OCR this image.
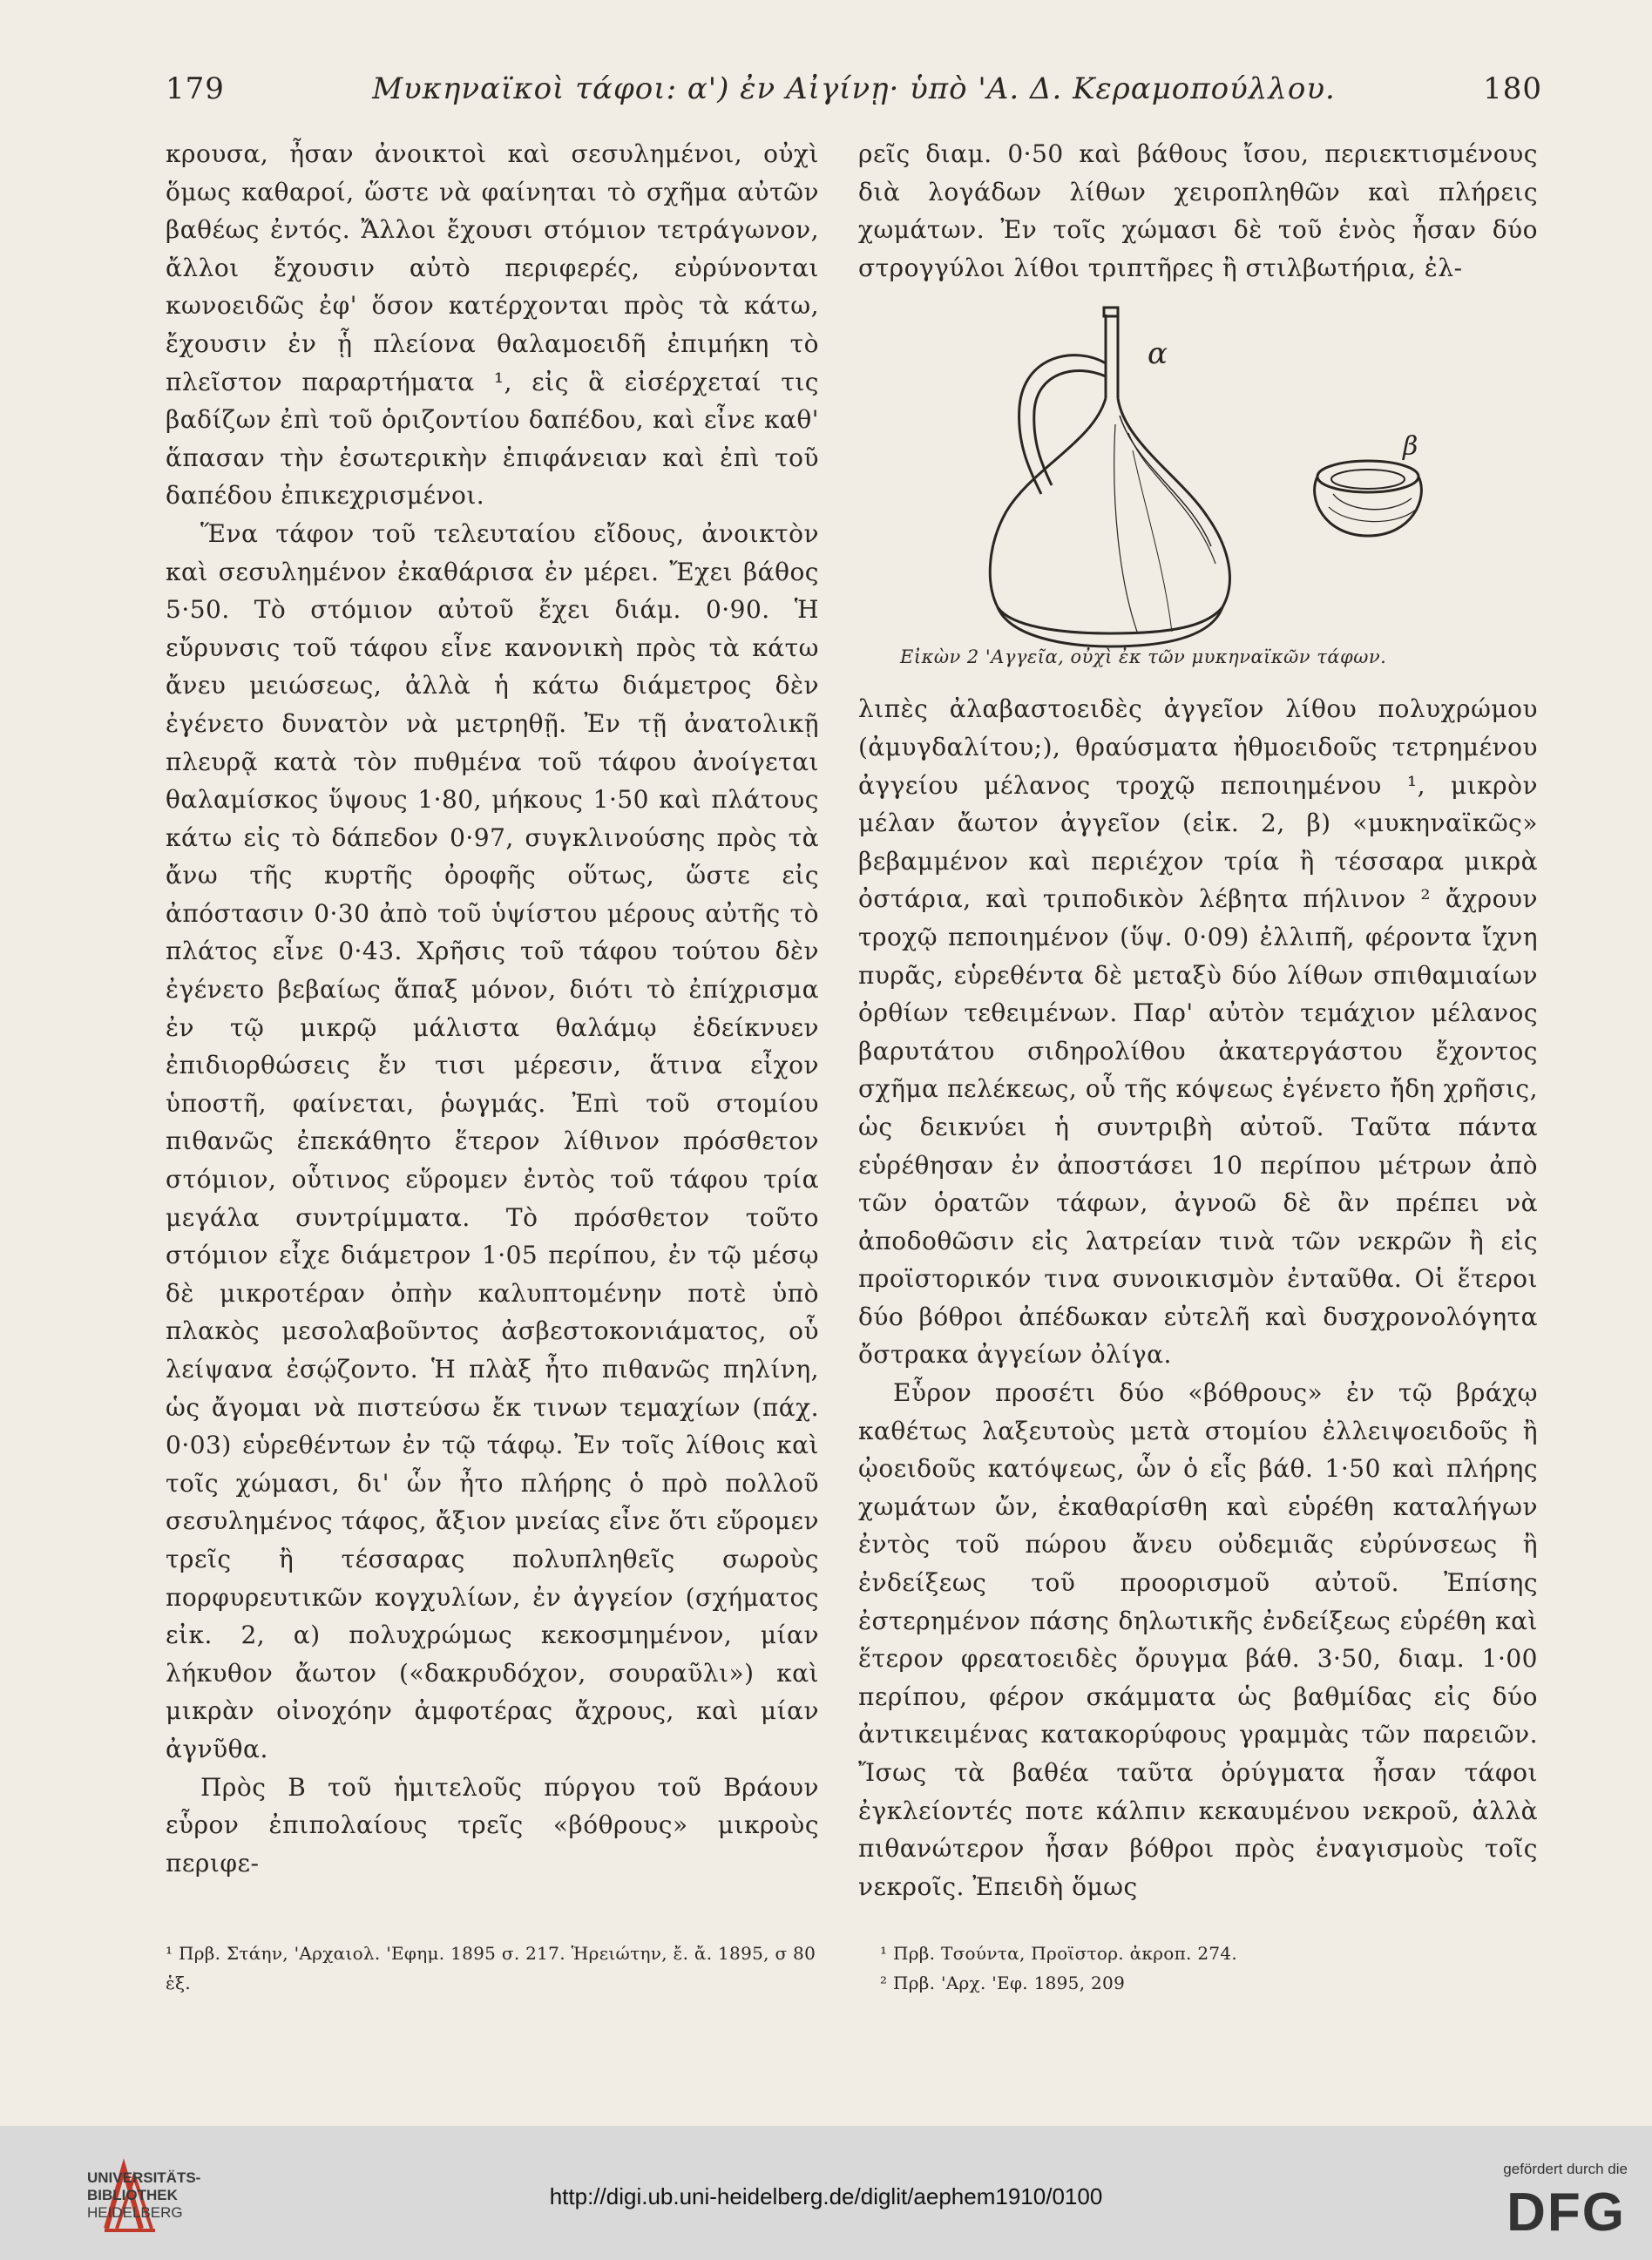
179	Μυκηναϊκοὶ τάφοι: α') ἐν Αἰγίνῃ· ὑπὸ 'Α. Δ. Κεραμοπούλλου.	180

κρουσα, ἦσαν ἀνοικτοὶ καὶ σεσυλημένοι, οὐχὶ ὅμως καθαροί, ὥστε νὰ φαίνηται τὸ σχῆμα αὐτῶν βαθέως ἐντός. Ἄλλοι ἔχουσι στόμιον τετράγωνον, ἄλλοι ἔχουσιν αὐτὸ περιφερές, εὐρύνονται κωνοειδῶς ἐφ' ὅσον κατέρχονται πρὸς τὰ κάτω, ἔχουσιν ἐν ᾗ πλείονα θαλαμοειδῆ ἐπιμήκη τὸ πλεῖστον παραρτήματα ¹, εἰς ἃ εἰσέρχεταί τις βαδίζων ἐπὶ τοῦ ὁριζοντίου δαπέδου, καὶ εἶνε καθ' ἅπασαν τὴν ἐσωτερικὴν ἐπιφάνειαν καὶ ἐπὶ τοῦ δαπέδου ἐπικεχρισμένοι.

Ἕνα τάφον τοῦ τελευταίου εἴδους, ἀνοικτὸν καὶ σεσυλημένον ἐκαθάρισα ἐν μέρει. Ἔχει βάθος 5·50. Τὸ στόμιον αὐτοῦ ἔχει διάμ. 0·90. Ἡ εὔρυνσις τοῦ τάφου εἶνε κανονικὴ πρὸς τὰ κάτω ἄνευ μειώσεως, ἀλλὰ ἡ κάτω διάμετρος δὲν ἐγένετο δυνατὸν νὰ μετρηθῇ. Ἐν τῇ ἀνατολικῇ πλευρᾷ κατὰ τὸν πυθμένα τοῦ τάφου ἀνοίγεται θαλαμίσκος ὕψους 1·80, μήκους 1·50 καὶ πλάτους κάτω εἰς τὸ δάπεδον 0·97, συγκλινούσης πρὸς τὰ ἄνω τῆς κυρτῆς ὀροφῆς οὕτως, ὥστε εἰς ἀπόστασιν 0·30 ἀπὸ τοῦ ὑψίστου μέρους αὐτῆς τὸ πλάτος εἶνε 0·43. Χρῆσις τοῦ τάφου τούτου δὲν ἐγένετο βεβαίως ἅπαξ μόνον, διότι τὸ ἐπίχρισμα ἐν τῷ μικρῷ μάλιστα θαλάμῳ ἐδείκνυεν ἐπιδιορθώσεις ἔν τισι μέρεσιν, ἅτινα εἶχον ὑποστῆ, φαίνεται, ῥωγμάς. Ἐπὶ τοῦ στομίου πιθανῶς ἐπεκάθητο ἕτερον λίθινον πρόσθετον στόμιον, οὗτινος εὕρομεν ἐντὸς τοῦ τάφου τρία μεγάλα συντρίμματα. Τὸ πρόσθετον τοῦτο στόμιον εἶχε διάμετρον 1·05 περίπου, ἐν τῷ μέσῳ δὲ μικροτέραν ὀπὴν καλυπτομένην ποτὲ ὑπὸ πλακὸς μεσολαβοῦντος ἀσβεστοκονιάματος, οὗ λείψανα ἐσῴζοντο. Ἡ πλὰξ ἦτο πιθανῶς πηλίνη, ὡς ἄγομαι νὰ πιστεύσω ἔκ τινων τεμαχίων (πάχ. 0·03) εὑρεθέντων ἐν τῷ τάφῳ. Ἐν τοῖς λίθοις καὶ τοῖς χώμασι, δι' ὧν ἦτο πλήρης ὁ πρὸ πολλοῦ σεσυλημένος τάφος, ἄξιον μνείας εἶνε ὅτι εὕρομεν τρεῖς ἢ τέσσαρας πολυπληθεῖς σωροὺς πορφυρευτικῶν κογχυλίων, ἐν ἀγγείον (σχήματος εἰκ. 2, α) πολυχρώμως κεκοσμημένον, μίαν λήκυθον ἄωτον («δακρυδόχον, σουραῦλι») καὶ μικρὰν οἰνοχόην ἀμφοτέρας ἄχρους, καὶ μίαν ἀγνῦθα.

Πρὸς Β τοῦ ἡμιτελοῦς πύργου τοῦ Βράουν εὗρον ἐπιπολαίους τρεῖς «βόθρους» μικροὺς περιφε-

ρεῖς διαμ. 0·50 καὶ βάθους ἴσου, περιεκτισμένους διὰ λογάδων λίθων χειροπληθῶν καὶ πλήρεις χωμάτων. Ἐν τοῖς χώμασι δὲ τοῦ ἑνὸς ἦσαν δύο στρογγύλοι λίθοι τριπτῆρες ἢ στιλβωτήρια, ἐλ-

α
β
Εἰκὼν 2 'Αγγεῖα, οὐχὶ ἐκ τῶν μυκηναϊκῶν τάφων.

λιπὲς ἀλαβαστοειδὲς ἀγγεῖον λίθου πολυχρώμου (ἀμυγδαλίτου;), θραύσματα ἠθμοειδοῦς τετρημένου ἀγγείου μέλανος τροχῷ πεποιημένου ¹, μικρὸν μέλαν ἄωτον ἀγγεῖον (εἰκ. 2, β) «μυκηναϊκῶς» βεβαμμένον καὶ περιέχον τρία ἢ τέσσαρα μικρὰ ὀστάρια, καὶ τριποδικὸν λέβητα πήλινον ² ἄχρουν τροχῷ πεποιημένον (ὕψ. 0·09) ἐλλιπῆ, φέροντα ἴχνη πυρᾶς, εὑρεθέντα δὲ μεταξὺ δύο λίθων σπιθαμιαίων ὀρθίων τεθειμένων. Παρ' αὐτὸν τεμάχιον μέλανος βαρυτάτου σιδηρολίθου ἀκατεργάστου ἔχοντος σχῆμα πελέκεως, οὗ τῆς κόψεως ἐγένετο ἤδη χρῆσις, ὡς δεικνύει ἡ συντριβὴ αὐτοῦ. Ταῦτα πάντα εὑρέθησαν ἐν ἀποστάσει 10 περίπου μέτρων ἀπὸ τῶν ὁρατῶν τάφων, ἀγνοῶ δὲ ἂν πρέπει νὰ ἀποδοθῶσιν εἰς λατρείαν τινὰ τῶν νεκρῶν ἢ εἰς προϊστορικόν τινα συνοικισμὸν ἐνταῦθα. Οἱ ἕτεροι δύο βόθροι ἀπέδωκαν εὐτελῆ καὶ δυσχρονολόγητα ὄστρακα ἀγγείων ὀλίγα.

Εὗρον προσέτι δύο «βόθρους» ἐν τῷ βράχῳ καθέτως λαξευτοὺς μετὰ στομίου ἐλλειψοειδοῦς ἢ ᾠοειδοῦς κατόψεως, ὧν ὁ εἷς βάθ. 1·50 καὶ πλήρης χωμάτων ὤν, ἐκαθαρίσθη καὶ εὑρέθη καταλήγων ἐντὸς τοῦ πώρου ἄνευ οὐδεμιᾶς εὐρύνσεως ἢ ἐνδείξεως τοῦ προορισμοῦ αὐτοῦ. Ἐπίσης ἐστερημένον πάσης δηλωτικῆς ἐνδείξεως εὑρέθη καὶ ἕτερον φρεατοειδὲς ὄρυγμα βάθ. 3·50, διαμ. 1·00 περίπου, φέρον σκάμματα ὡς βαθμίδας εἰς δύο ἀντικειμένας κατακορύφους γραμμὰς τῶν παρειῶν. Ἴσως τὰ βαθέα ταῦτα ὀρύγματα ἦσαν τάφοι ἐγκλείοντές ποτε κάλπιν κεκαυμένου νεκροῦ, ἀλλὰ πιθανώτερον ἦσαν βόθροι πρὸς ἐναγισμοὺς τοῖς νεκροῖς. Ἐπειδὴ ὅμως

¹ Πρβ. Στάην, 'Αρχαιολ. 'Εφημ. 1895 σ. 217. Ἡρειώτην, ἔ. ἄ. 1895, σ 80 ἑξ.

¹ Πρβ. Τσούντα, Προϊστορ. ἀκροπ. 274.

² Πρβ. 'Αρχ. 'Εφ. 1895, 209

UNIVERSITÄTS-
BIBLIOTHEK
HEIDELBERG
http://digi.ub.uni-heidelberg.de/diglit/aephem1910/0100
gefördert durch die
DFG
